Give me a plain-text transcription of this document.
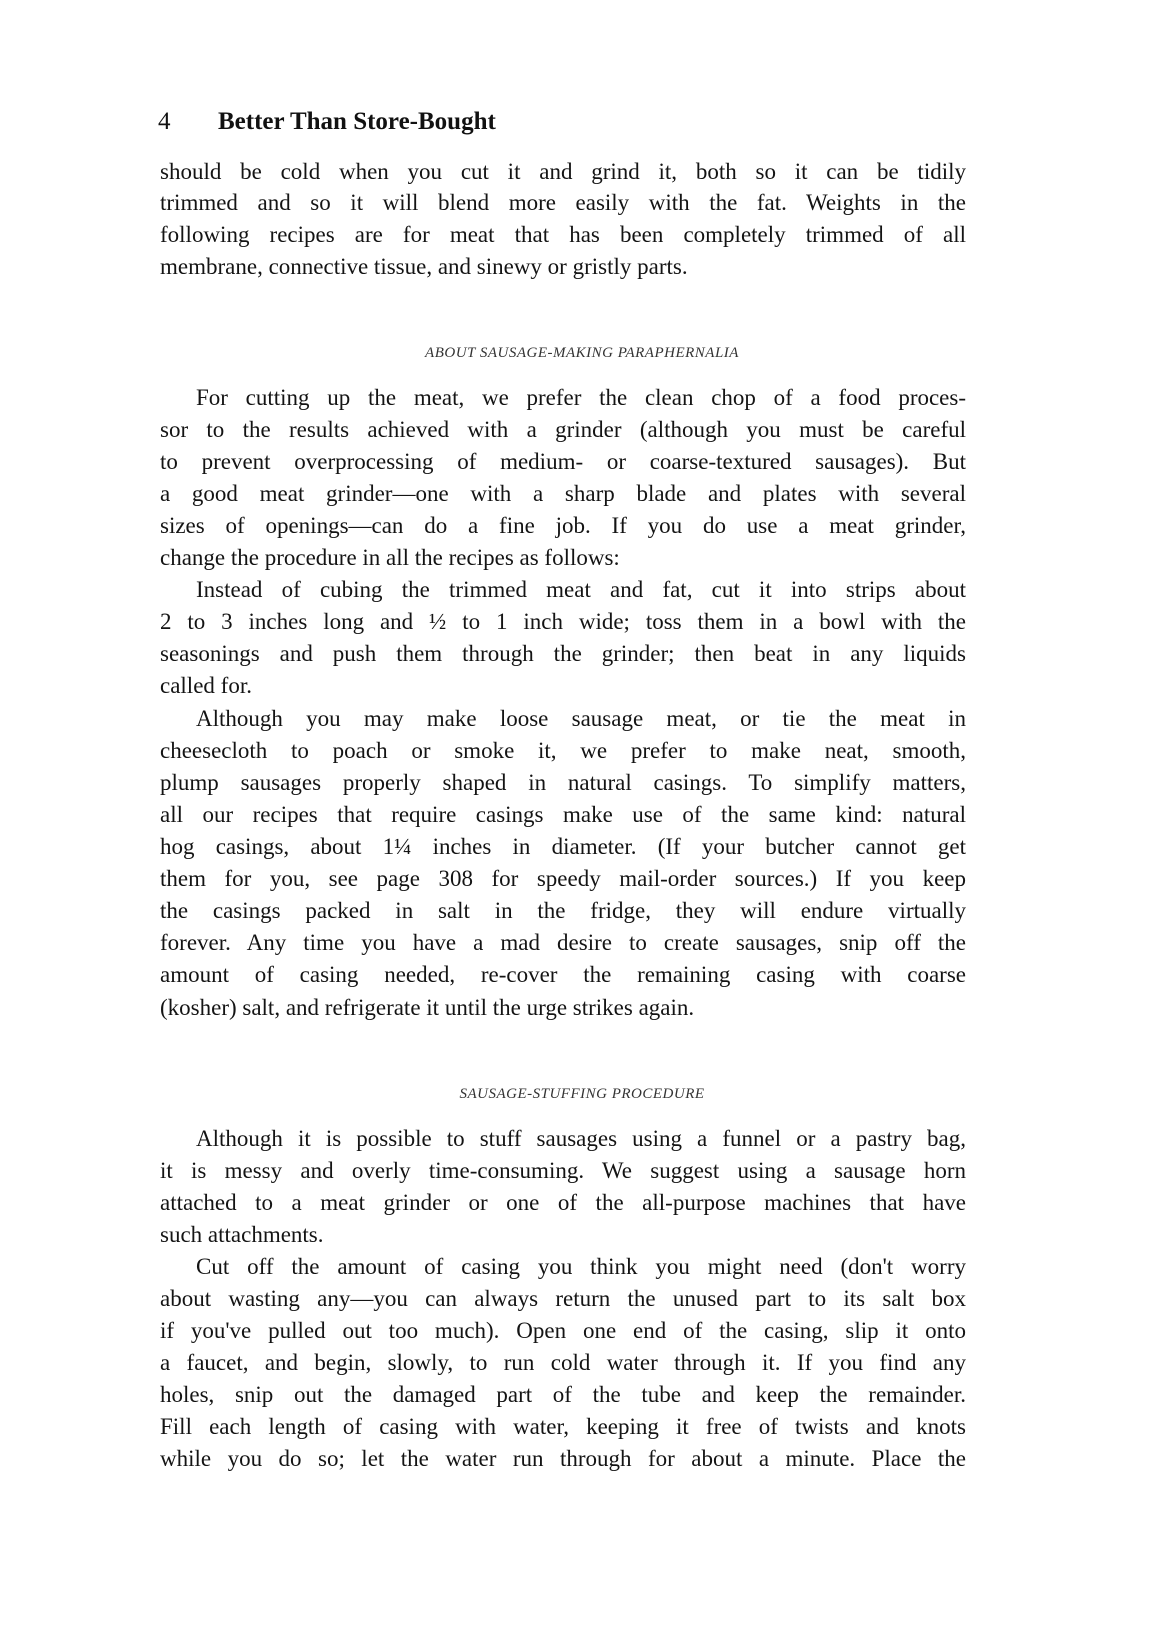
4 Better Than Store-Bought
should be cold when you cut it and grind it, both so it can be tidily
trimmed and so it will blend more easily with the fat. Weights in the
following recipes are for meat that has been completely trimmed of all
membrane, connective tissue, and sinewy or gristly parts.
ABOUT SAUSAGE-MAKING PARAPHERNALIA
For cutting up the meat, we prefer the clean chop of a food proces-
sor to the results achieved with a grinder (although you must be careful
to prevent overprocessing of medium- or coarse-textured sausages). But
a good meat grinder—one with a sharp blade and plates with several
sizes of openings—can do a fine job. If you do use a meat grinder,
change the procedure in all the recipes as follows:
Instead of cubing the trimmed meat and fat, cut it into strips about
2 to 3 inches long and ½ to 1 inch wide; toss them in a bowl with the
seasonings and push them through the grinder; then beat in any liquids
called for.
Although you may make loose sausage meat, or tie the meat in
cheesecloth to poach or smoke it, we prefer to make neat, smooth,
plump sausages properly shaped in natural casings. To simplify matters,
all our recipes that require casings make use of the same kind: natural
hog casings, about 1¼ inches in diameter. (If your butcher cannot get
them for you, see page 308 for speedy mail-order sources.) If you keep
the casings packed in salt in the fridge, they will endure virtually
forever. Any time you have a mad desire to create sausages, snip off the
amount of casing needed, re-cover the remaining casing with coarse
(kosher) salt, and refrigerate it until the urge strikes again.
SAUSAGE-STUFFING PROCEDURE
Although it is possible to stuff sausages using a funnel or a pastry bag,
it is messy and overly time-consuming. We suggest using a sausage horn
attached to a meat grinder or one of the all-purpose machines that have
such attachments.
Cut off the amount of casing you think you might need (don't worry
about wasting any—you can always return the unused part to its salt box
if you've pulled out too much). Open one end of the casing, slip it onto
a faucet, and begin, slowly, to run cold water through it. If you find any
holes, snip out the damaged part of the tube and keep the remainder.
Fill each length of casing with water, keeping it free of twists and knots
while you do so; let the water run through for about a minute. Place the
